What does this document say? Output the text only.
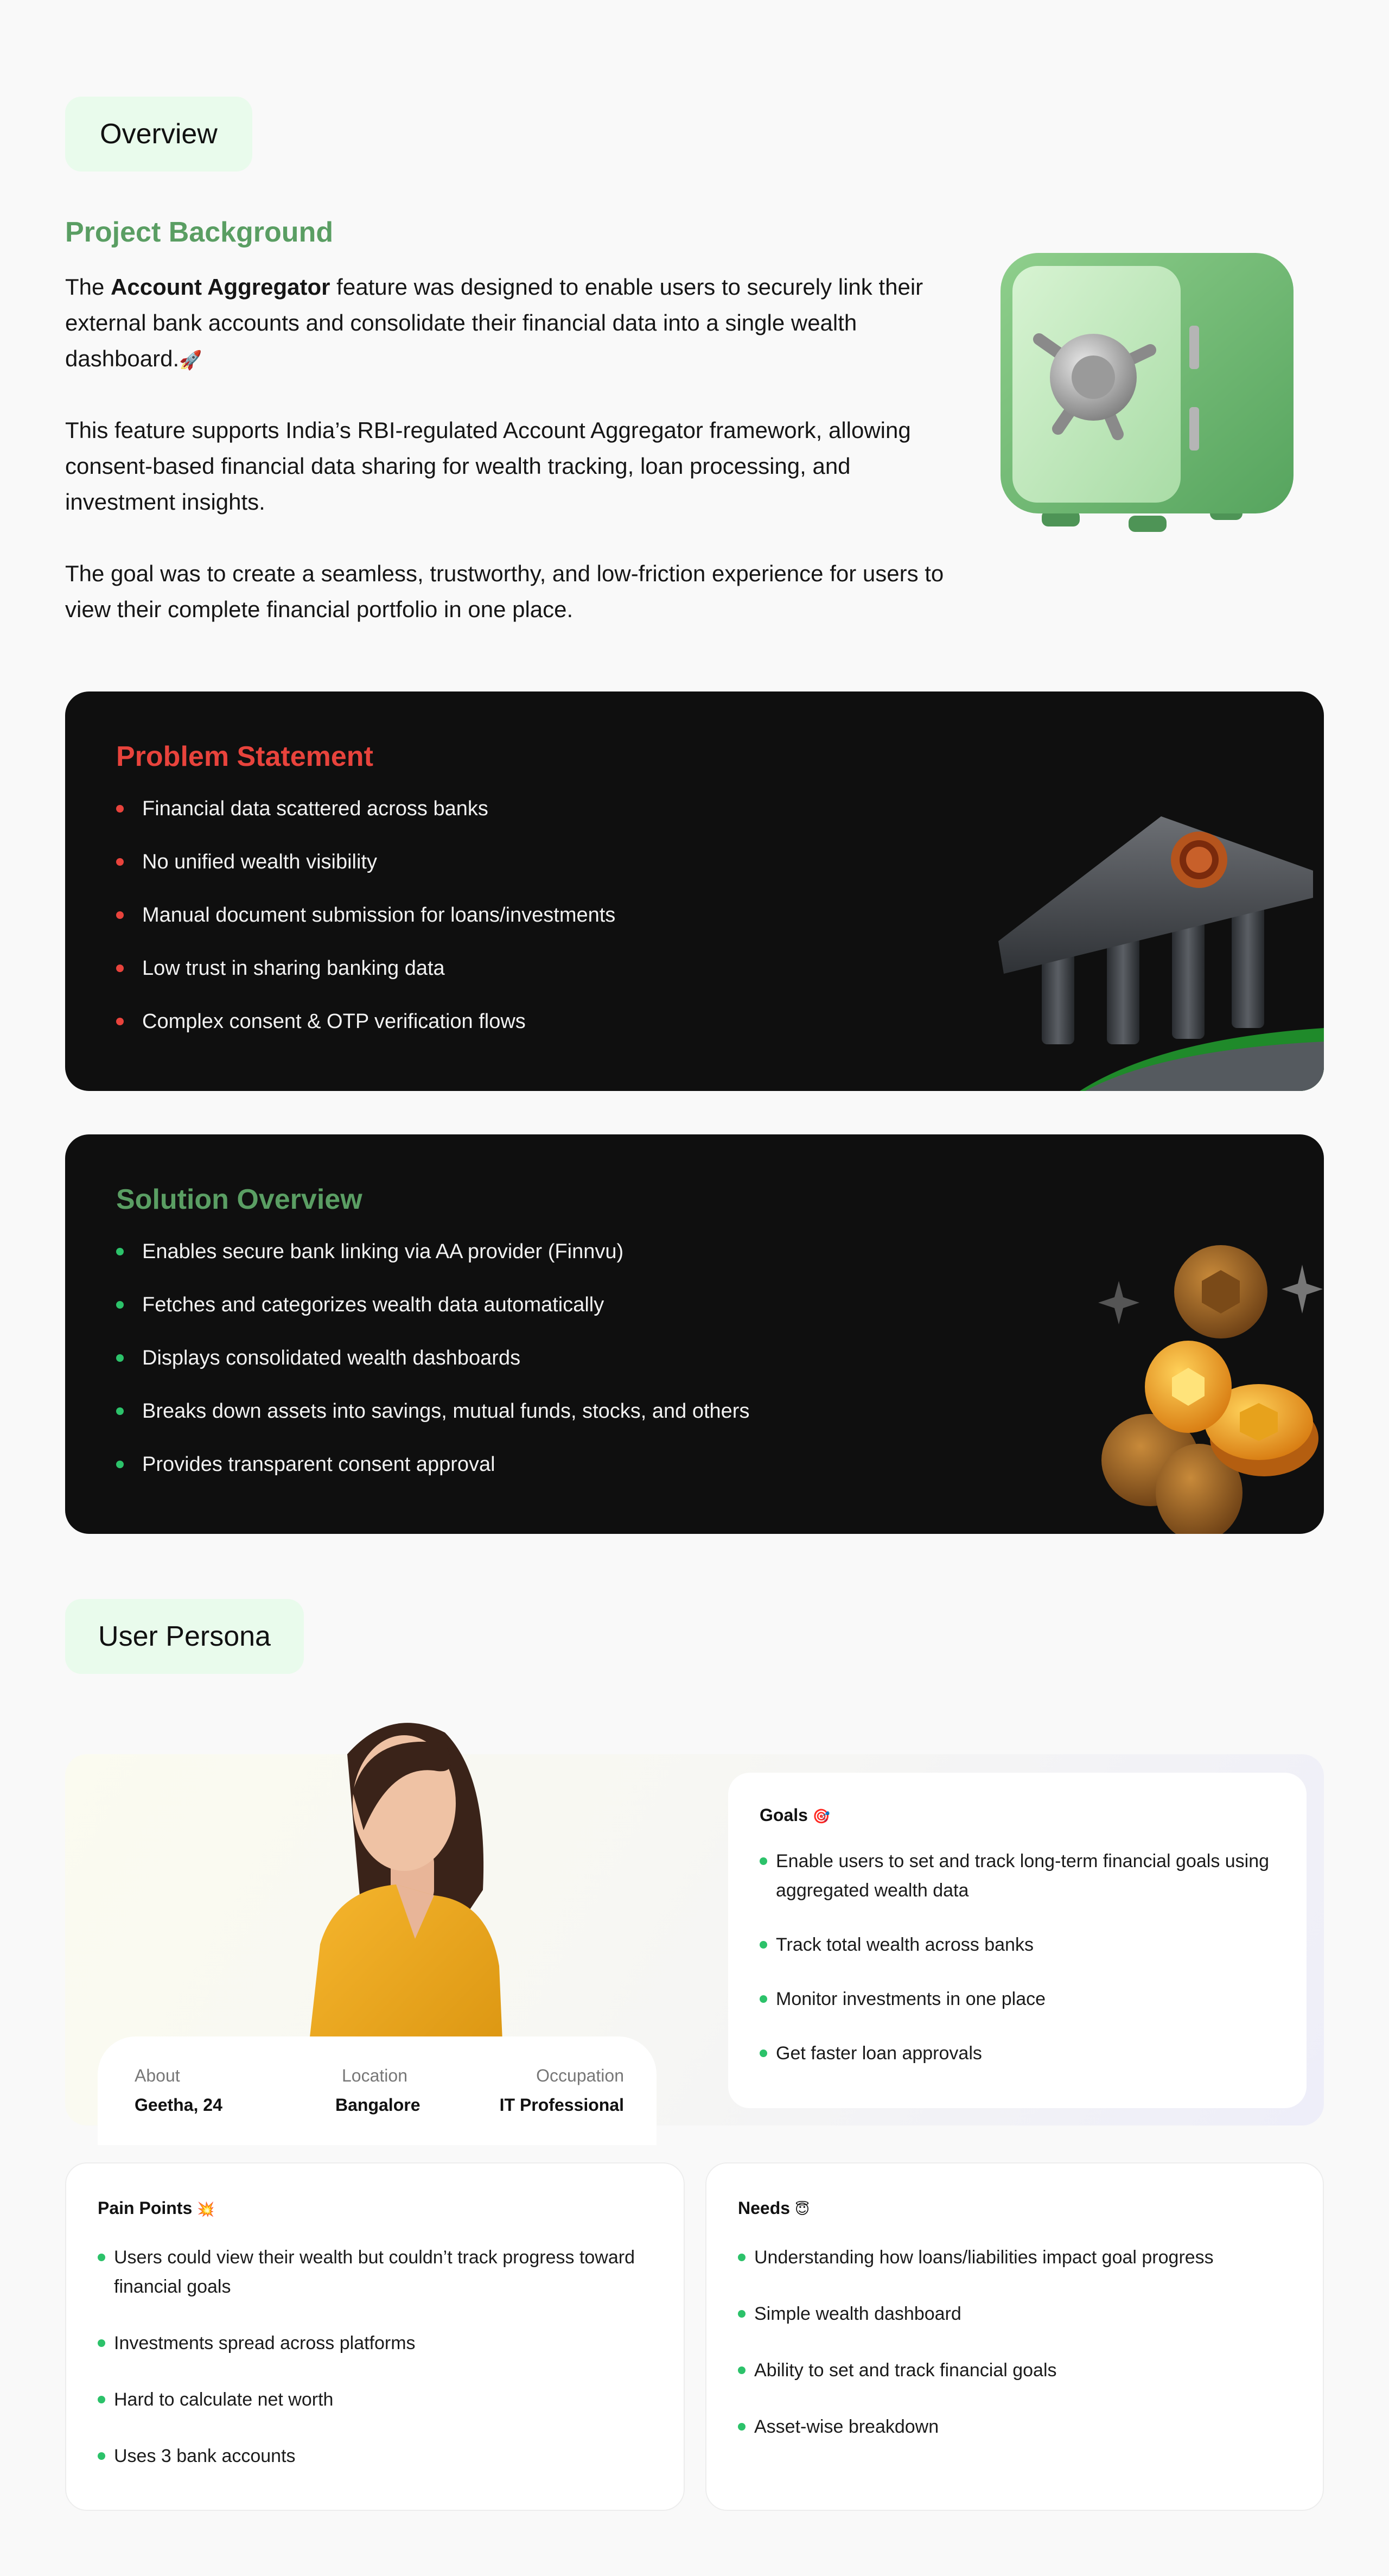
Overview
Project Background

The Account Aggregator feature was designed to enable users to securely link their external bank accounts and consolidate their financial data into a single wealth dashboard.🚀

This feature supports India’s RBI-regulated Account Aggregator framework, allowing consent-based financial data sharing for wealth tracking, loan processing, and investment insights.

The goal was to create a seamless, trustworthy, and low-friction experience for users to view their complete financial portfolio in one place.

Problem Statement
Financial data scattered across banks
No unified wealth visibility
Manual document submission for loans/investments
Low trust in sharing banking data
Complex consent & OTP verification flows
Solution Overview
Enables secure bank linking via AA provider (Finnvu)
Fetches and categorizes wealth data automatically
Displays consolidated wealth dashboards
Breaks down assets into savings, mutual funds, stocks, and others
Provides transparent consent approval
User Persona
About
Geetha, 24
Location
Bangalore
Occupation
IT Professional
Goals 🎯
Enable users to set and track long-term financial goals using aggregated wealth data
Track total wealth across banks
Monitor investments in one place
Get faster loan approvals
Pain Points 💥
Users could view their wealth but couldn’t track progress toward financial goals
Investments spread across platforms
Hard to calculate net worth
Uses 3 bank accounts
Needs 😇
Understanding how loans/liabilities impact goal progress
Simple wealth dashboard
Ability to set and track financial goals
Asset-wise breakdown
